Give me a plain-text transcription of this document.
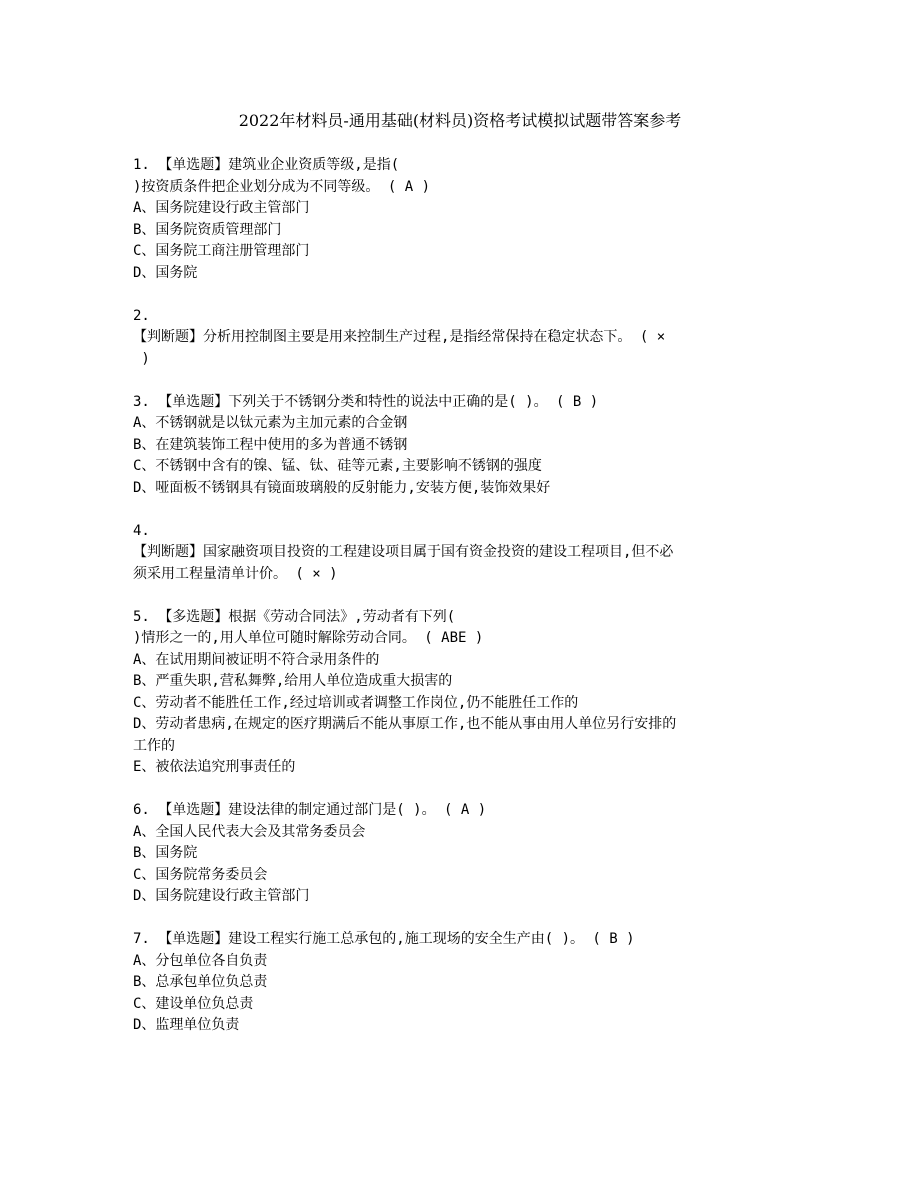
2022年材料员-通用基础(材料员)资格考试模拟试题带答案参考
1. 【单选题】建筑业企业资质等级,是指(
)按资质条件把企业划分成为不同等级。 ( A )
A、国务院建设行政主管部门
B、国务院资质管理部门
C、国务院工商注册管理部门
D、国务院
2.
【判断题】分析用控制图主要是用来控制生产过程,是指经常保持在稳定状态下。 ( ×
)
3. 【单选题】下列关于不锈钢分类和特性的说法中正确的是( )。 ( B )
A、不锈钢就是以钛元素为主加元素的合金钢
B、在建筑装饰工程中使用的多为普通不锈钢
C、不锈钢中含有的镍、锰、钛、硅等元素,主要影响不锈钢的强度
D、哑面板不锈钢具有镜面玻璃般的反射能力,安装方便,装饰效果好
4.
【判断题】国家融资项目投资的工程建设项目属于国有资金投资的建设工程项目,但不必
须采用工程量清单计价。 ( × )
5. 【多选题】根据《劳动合同法》,劳动者有下列(
)情形之一的,用人单位可随时解除劳动合同。 ( ABE )
A、在试用期间被证明不符合录用条件的
B、严重失职,营私舞弊,给用人单位造成重大损害的
C、劳动者不能胜任工作,经过培训或者调整工作岗位,仍不能胜任工作的
D、劳动者患病,在规定的医疗期满后不能从事原工作,也不能从事由用人单位另行安排的
工作的
E、被依法追究刑事责任的
6. 【单选题】建设法律的制定通过部门是( )。 ( A )
A、全国人民代表大会及其常务委员会
B、国务院
C、国务院常务委员会
D、国务院建设行政主管部门
7. 【单选题】建设工程实行施工总承包的,施工现场的安全生产由( )。 ( B )
A、分包单位各自负责
B、总承包单位负总责
C、建设单位负总责
D、监理单位负责
